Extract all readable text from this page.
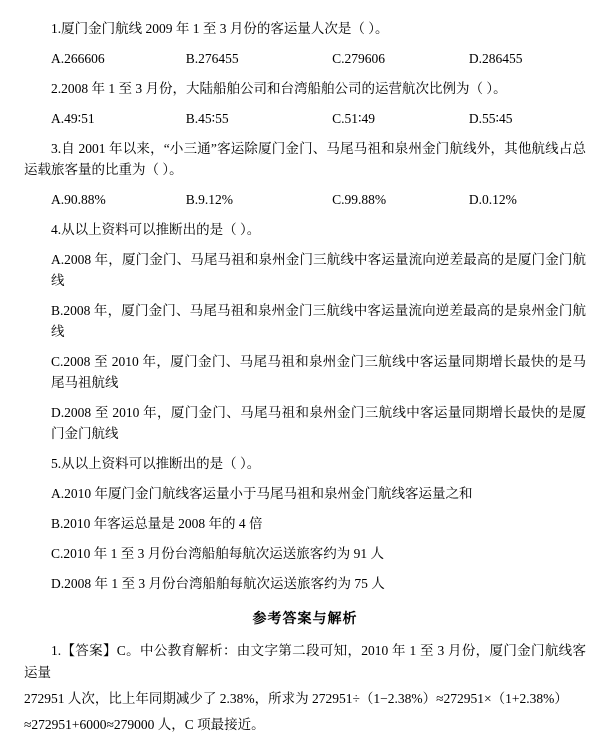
1.厦门金门航线 2009 年 1 至 3 月份的客运量人次是（ ）。

A.266606	B.276455	C.279606	D.286455

2.2008 年 1 至 3 月份，大陆船舶公司和台湾船舶公司的运营航次比例为（ ）。

A.49∶51	B.45∶55	C.51∶49	D.55∶45

3.自 2001 年以来，“小三通”客运除厦门金门、马尾马祖和泉州金门航线外，其他航线占总运载旅客量的比重为（ ）。

A.90.88%	B.9.12%	C.99.88%	D.0.12%

4.从以上资料可以推断出的是（ ）。

A.2008 年，厦门金门、马尾马祖和泉州金门三航线中客运量流向逆差最高的是厦门金门航线

B.2008 年，厦门金门、马尾马祖和泉州金门三航线中客运量流向逆差最高的是泉州金门航线

C.2008 至 2010 年，厦门金门、马尾马祖和泉州金门三航线中客运量同期增长最快的是马尾马祖航线

D.2008 至 2010 年，厦门金门、马尾马祖和泉州金门三航线中客运量同期增长最快的是厦门金门航线

5.从以上资料可以推断出的是（ ）。

A.2010 年厦门金门航线客运量小于马尾马祖和泉州金门航线客运量之和

B.2010 年客运总量是 2008 年的 4 倍

C.2010 年 1 至 3 月份台湾船舶每航次运送旅客约为 91 人

D.2008 年 1 至 3 月份台湾船舶每航次运送旅客约为 75 人

参考答案与解析

1.【答案】C。中公教育解析：由文字第二段可知，2010 年 1 至 3 月份，厦门金门航线客运量

272951 人次，比上年同期减少了 2.38%，所求为 272951÷（1−2.38%）≈272951×（1+2.38%）

≈272951+6000≈279000 人，C 项最接近。
